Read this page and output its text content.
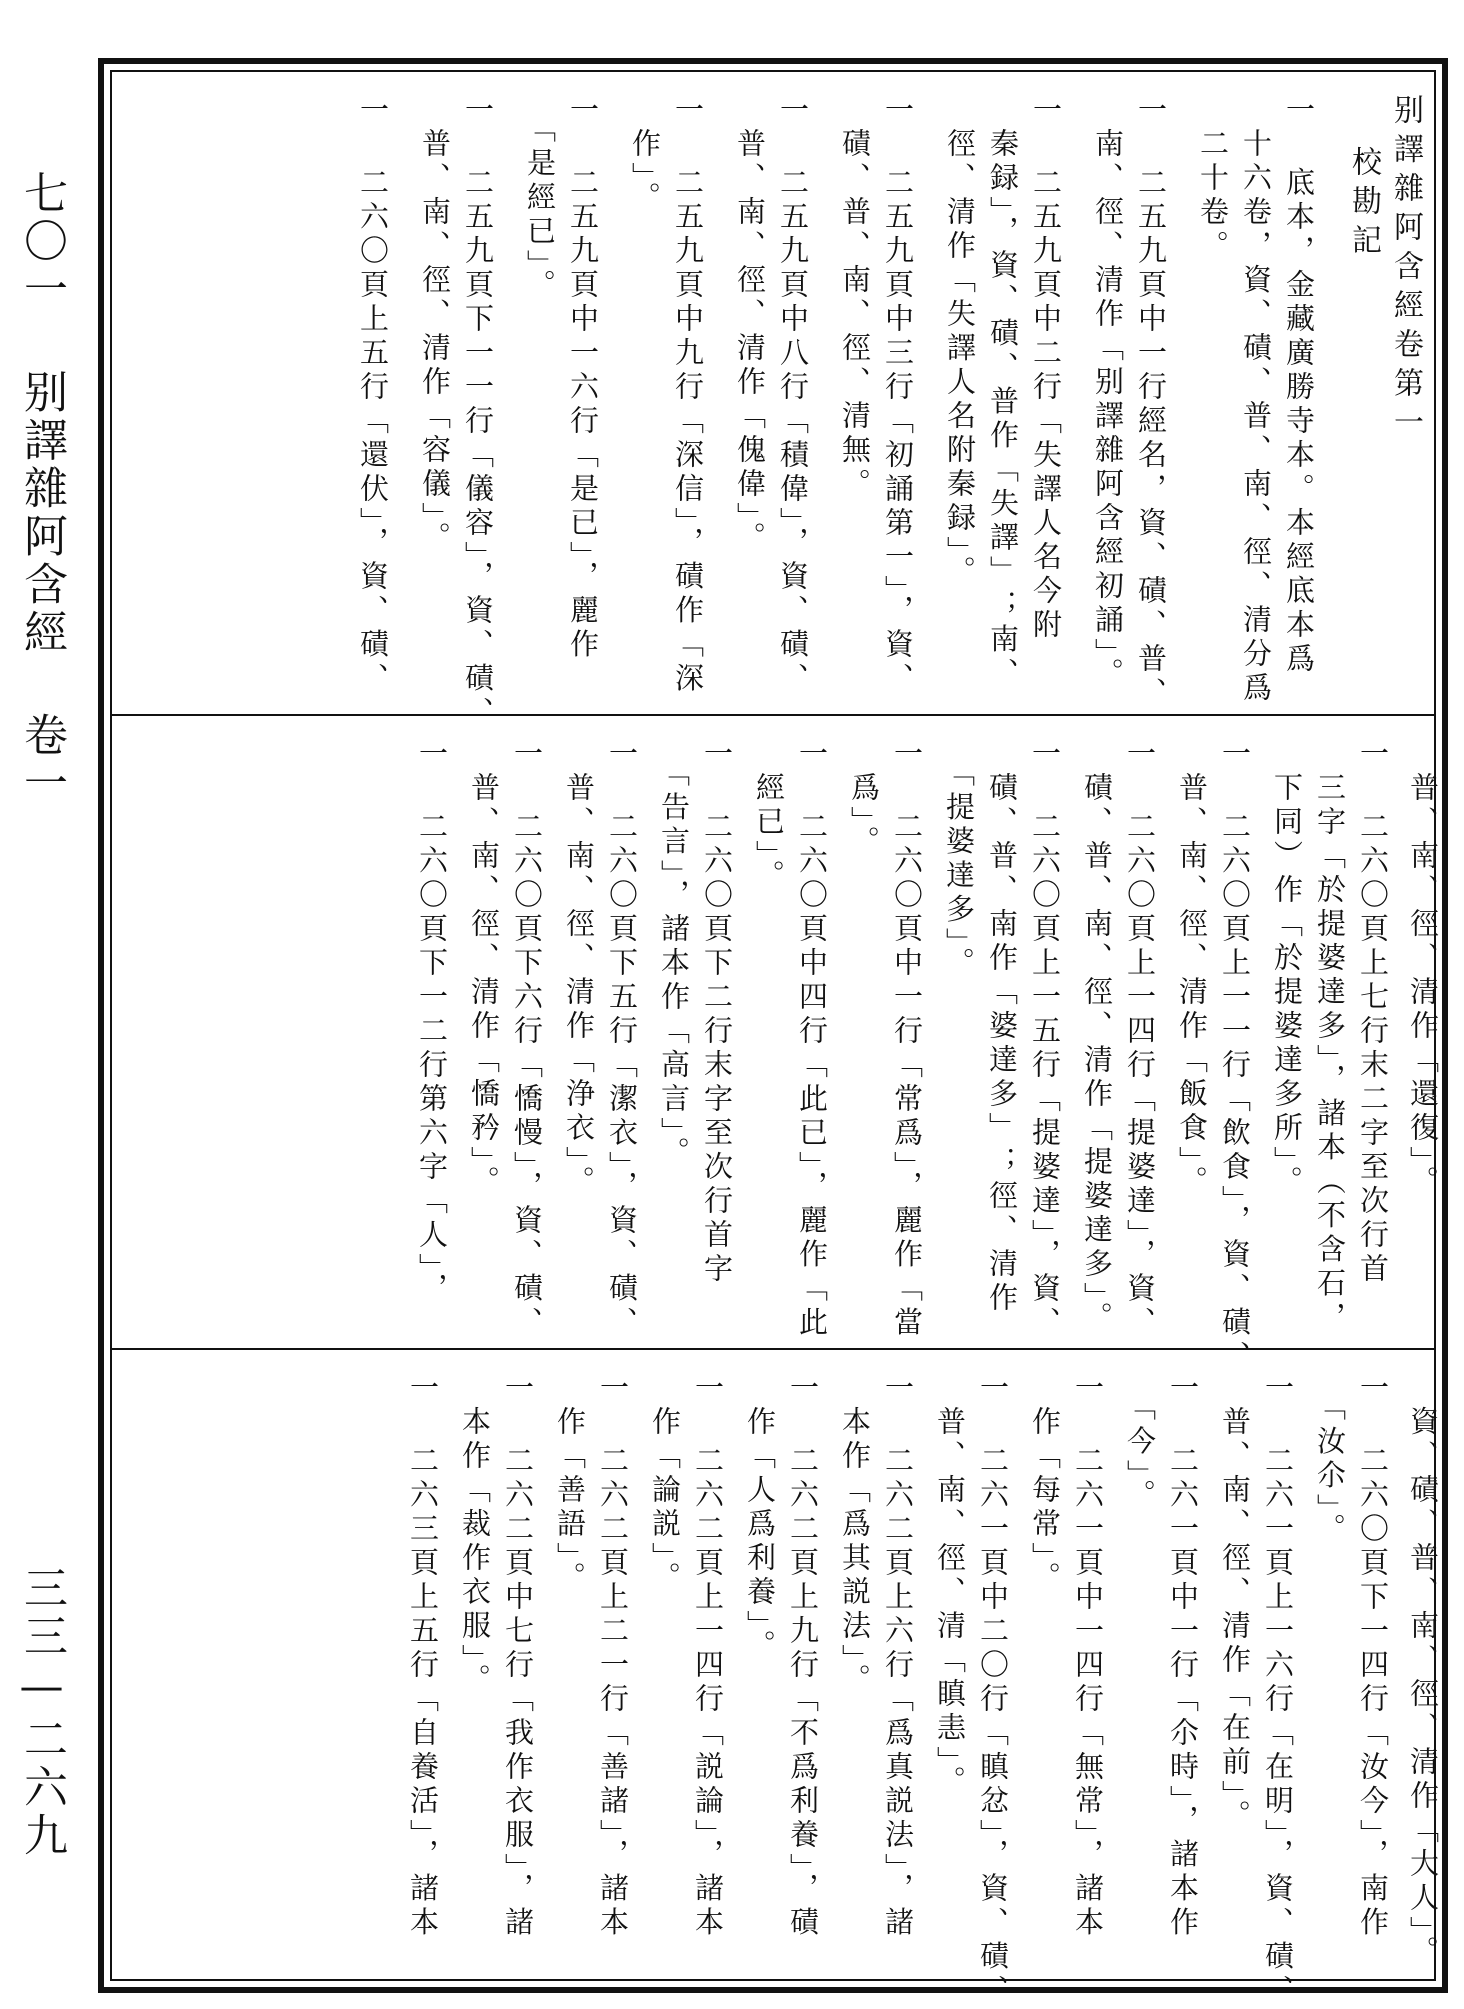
七〇一 别譯雜阿含經 卷一
三三—二六九
别譯雜阿含經卷第一
校勘記
一 底本，金藏廣勝寺本。本經底本爲
　十六卷，資、磧、普、南、徑、清分爲
　二十卷。
一 二五九頁中一行經名，資、磧、普、
　南、徑、清作「别譯雜阿含經初誦」。
一 二五九頁中二行「失譯人名今附
　秦録」，資、磧、普作「失譯」；南、
　徑、清作「失譯人名附秦録」。
一 二五九頁中三行「初誦第一」，資、
　磧、普、南、徑、清無。
一 二五九頁中八行「積偉」，資、磧、
　普、南、徑、清作「傀偉」。
一 二五九頁中九行「深信」，磧作「深
　作」。
一 二五九頁中一六行「是已」，麗作
　「是經已」。
一 二五九頁下一一行「儀容」，資、磧、
　普、南、徑、清作「容儀」。
一 二六〇頁上五行「還伏」，資、磧、
　普、南、徑、清作「還復」。
一 二六〇頁上七行末二字至次行首
　三字「於提婆達多」，諸本（不含石，
　下同）作「於提婆達多所」。
一 二六〇頁上一一行「飲食」，資、磧、
　普、南、徑、清作「飯食」。
一 二六〇頁上一四行「提婆達」，資、
　磧、普、南、徑、清作「提婆達多」。
一 二六〇頁上一五行「提婆達」，資、
　磧、普、南作「婆達多」；徑、清作
　「提婆達多」。
一 二六〇頁中一行「常爲」，麗作「當
　爲」。
一 二六〇頁中四行「此已」，麗作「此
　經已」。
一 二六〇頁下二行末字至次行首字
　「告言」，諸本作「高言」。
一 二六〇頁下五行「潔衣」，資、磧、
　普、南、徑、清作「浄衣」。
一 二六〇頁下六行「憍慢」，資、磧、
　普、南、徑、清作「憍矜」。
一 二六〇頁下一二行第六字「人」，
　資、磧、普、南、徑、清作「大人」。
一 二六〇頁下一四行「汝今」，南作
　「汝尒」。
一 二六一頁上一六行「在明」，資、磧、
　普、南、徑、清作「在前」。
一 二六一頁中一行「尒時」，諸本作
　「今」。
一 二六一頁中一四行「無常」，諸本
　作「每常」。
一 二六一頁中二〇行「瞋忿」，資、磧、
　普、南、徑、清「瞋恚」。
一 二六二頁上六行「爲真説法」，諸
　本作「爲其説法」。
一 二六二頁上九行「不爲利養」，磧
　作「人爲利養」。
一 二六二頁上一四行「説論」，諸本
　作「論説」。
一 二六二頁上二一行「善諸」，諸本
　作「善語」。
一 二六二頁中七行「我作衣服」，諸
　本作「裁作衣服」。
一 二六三頁上五行「自養活」，諸本
